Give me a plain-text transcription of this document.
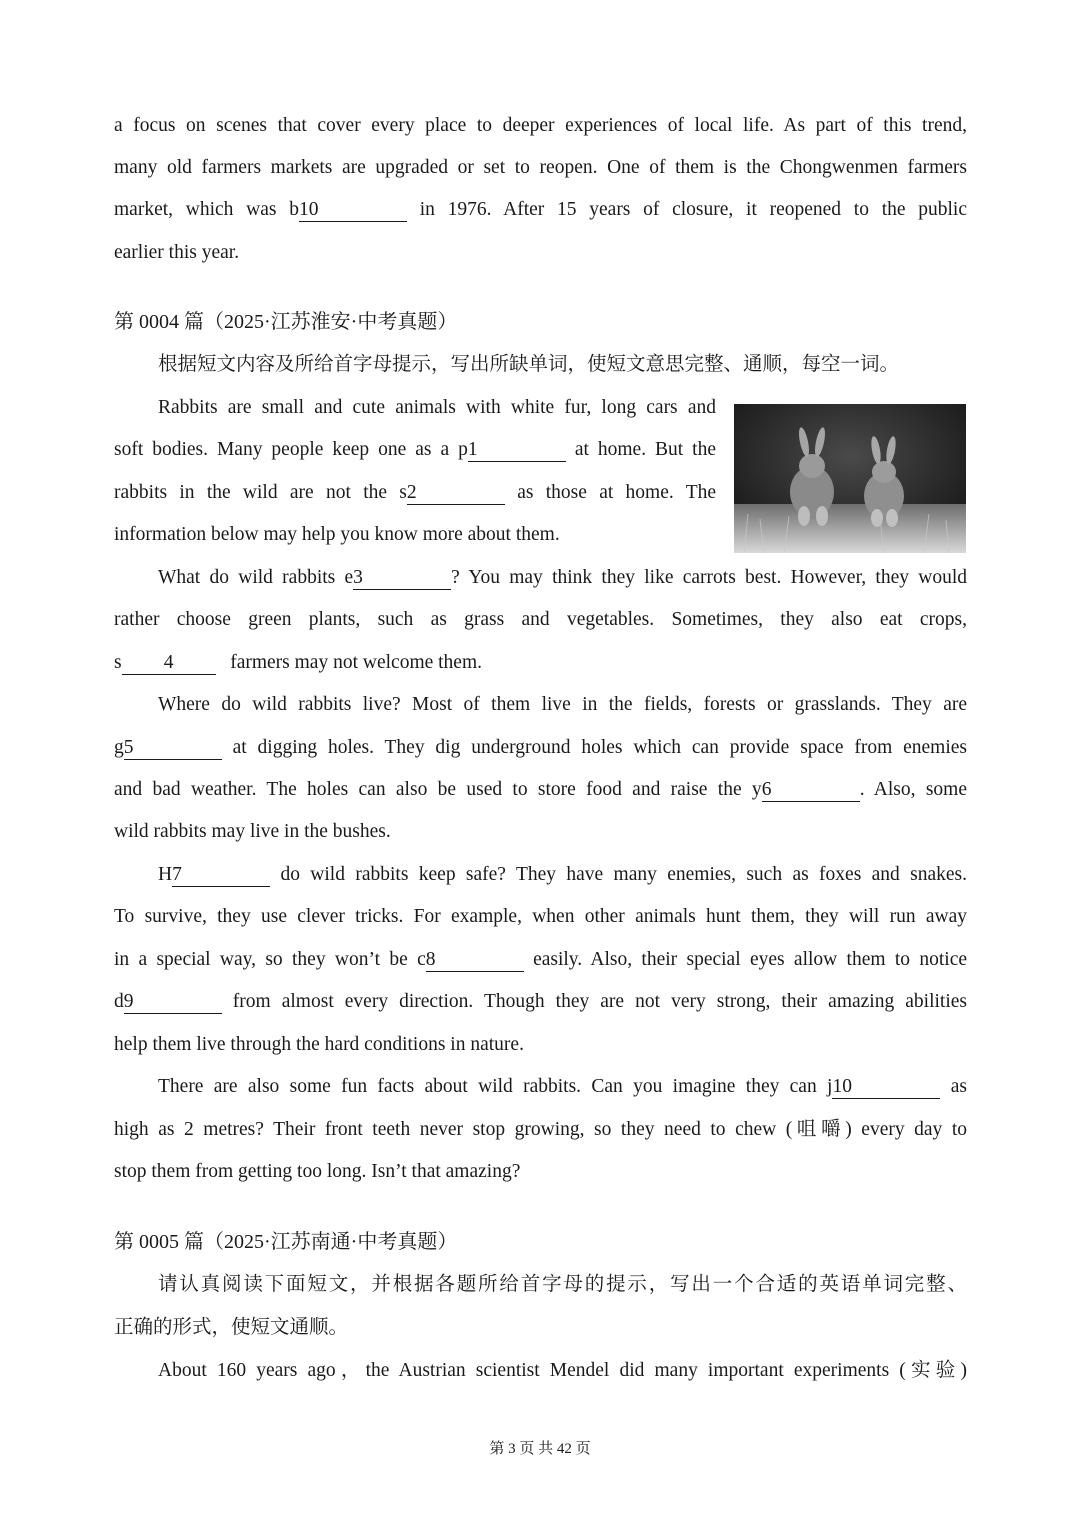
a focus on scenes that cover every place to deeper experiences of local life. As part of this trend,
many old farmers markets are upgraded or set to reopen. One of them is the Chongwenmen farmers
market, which was b10	in 1976. After 15 years of closure, it reopened to the public
earlier this year.
第 0004 篇（2025·江苏淮安·中考真题）
根据短文内容及所给首字母提示，写出所缺单词，使短文意思完整、通顺，每空一词。
Rabbits are small and cute animals with white fur, long cars and
soft bodies. Many people keep one as a p1	at home. But the
rabbits in the wild are not the s2	as those at home. The
information below may help you know more about them.
What do wild rabbits e3	? You may think they like carrots best. However, they would
rather choose green plants, such as grass and vegetables. Sometimes, they also eat crops,
s 4	farmers may not welcome them.
Where do wild rabbits live? Most of them live in the fields, forests or grasslands. They are
g5	at digging holes. They dig underground holes which can provide space from enemies
and bad weather. The holes can also be used to store food and raise the y6	. Also, some
wild rabbits may live in the bushes.
H7	do wild rabbits keep safe? They have many enemies, such as foxes and snakes.
To survive, they use clever tricks. For example, when other animals hunt them, they will run away
in a special way, so they won’t be c8	easily. Also, their special eyes allow them to notice
d9	from almost every direction. Though they are not very strong, their amazing abilities
help them live through the hard conditions in nature.
There are also some fun facts about wild rabbits. Can you imagine they can j10	as
high as 2 metres? Their front teeth never stop growing, so they need to chew (咀嚼) every day to
stop them from getting too long. Isn’t that amazing?
第 0005 篇（2025·江苏南通·中考真题）
请认真阅读下面短文，并根据各题所给首字母的提示，写出一个合适的英语单词完整、
正确的形式，使短文通顺。
About 160 years ago，the Austrian scientist Mendel did many important experiments (实验)
第 3 页 共 42 页
